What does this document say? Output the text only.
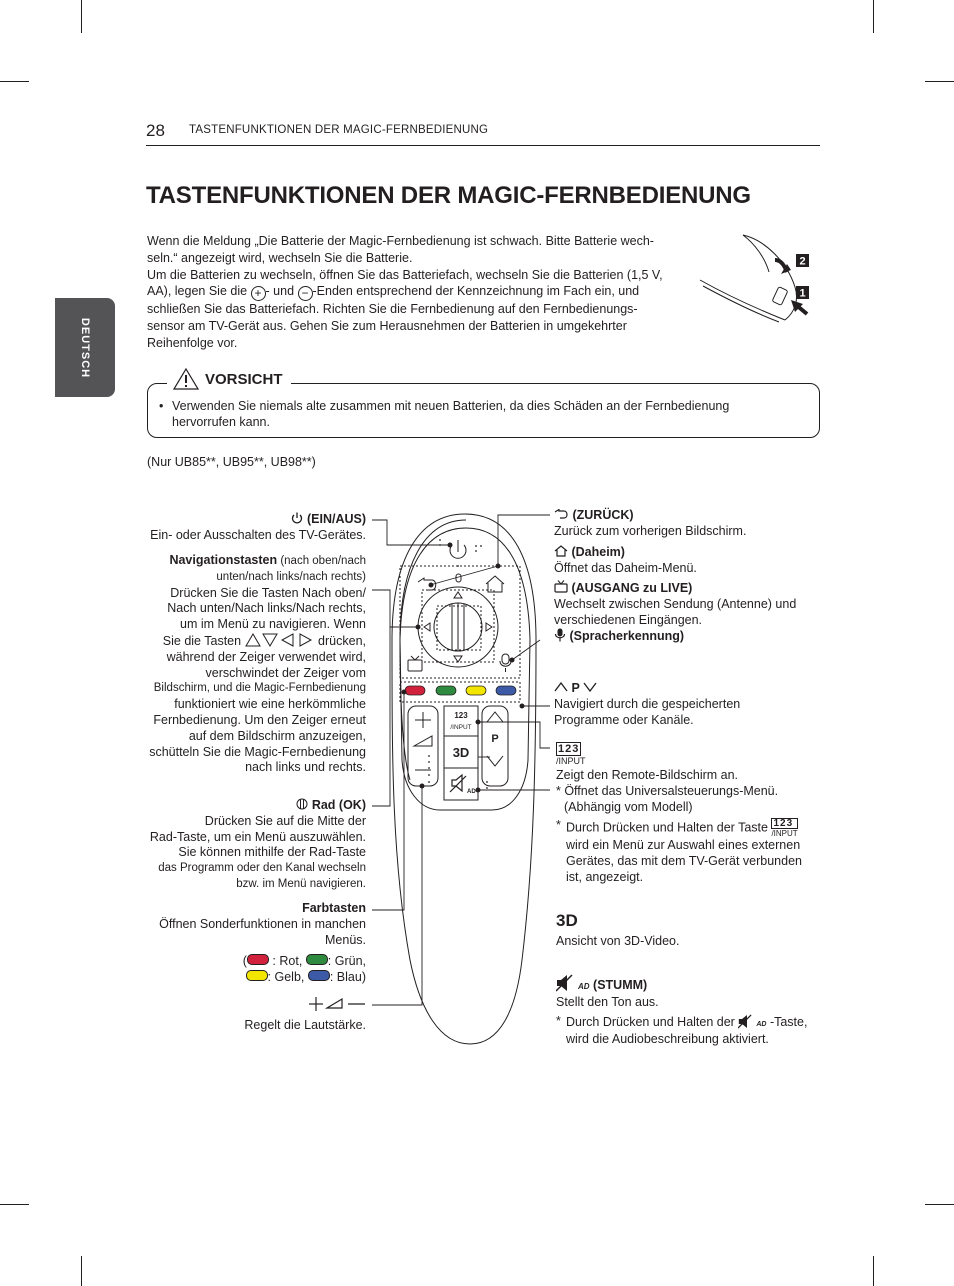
28 TASTENFUNKTIONEN DER MAGIC-FERNBEDIENUNG
TASTENFUNKTIONEN DER MAGIC-FERNBEDIENUNG
DEUTSCH

Wenn die Meldung „Die Batterie der Magic-Fernbedienung ist schwach. Bitte Batterie wech-

seln.“ angezeigt wird, wechseln Sie die Batterie.

Um die Batterien zu wechseln, öffnen Sie das Batteriefach, wechseln Sie die Batterien (1,5 V,

AA), legen Sie die + - und − -Enden entsprechend der Kennzeichnung im Fach ein, und

schließen Sie das Batteriefach. Richten Sie die Fernbedienung auf den Fernbedienungs-

sensor am TV-Gerät aus. Gehen Sie zum Herausnehmen der Batterien in umgekehrter

Reihenfolge vor.

2
1
VORSICHT
• Verwenden Sie niemals alte zusammen mit neuen Batterien, da dies Schäden an der Fernbedienung
hervorrufen kann.
(Nur UB85**, UB95**, UB98**)
123
/INPUT
3D
P
AD

(EIN/AUS)

Ein- oder Ausschalten des TV-Gerätes.

Navigationstasten (nach oben/nach

unten/nach links/nach rechts)

Drücken Sie die Tasten Nach oben/

Nach unten/Nach links/Nach rechts,

um im Menü zu navigieren. Wenn

Sie die Tasten	drücken,

während der Zeiger verwendet wird,

verschwindet der Zeiger vom

Bildschirm, und die Magic-Fernbedienung

funktioniert wie eine herkömmliche

Fernbedienung. Um den Zeiger erneut

auf dem Bildschirm anzuzeigen,

schütteln Sie die Magic-Fernbedienung

nach links und rechts.

Rad (OK)

Drücken Sie auf die Mitte der

Rad-Taste, um ein Menü auszuwählen.

Sie können mithilfe der Rad-Taste

das Programm oder den Kanal wechseln

bzw. im Menü navigieren.

Farbtasten

Öffnen Sonderfunktionen in manchen

Menüs.

( : Rot, : Grün,

: Gelb, : Blau)

Regelt die Lautstärke.

(ZURÜCK)

Zurück zum vorherigen Bildschirm.

(Daheim)

Öffnet das Daheim-Menü.

(AUSGANG zu LIVE)

Wechselt zwischen Sendung (Antenne) und

verschiedenen Eingängen.

(Spracherkennung)

P

Navigiert durch die gespeicherten

Programme oder Kanäle.

123

/INPUT

Zeigt den Remote-Bildschirm an.

* Öffnet das Universalsteuerungs-Menü.

(Abhängig vom Modell)

* Durch Drücken und Halten der Taste 123
/INPUT

wird ein Menü zur Auswahl eines externen

Gerätes, das mit dem TV-Gerät verbunden

ist, angezeigt.

3D

Ansicht von 3D-Video.

AD (STUMM)

Stellt den Ton aus.

* Durch Drücken und Halten der	AD -Taste,

wird die Audiobeschreibung aktiviert.
